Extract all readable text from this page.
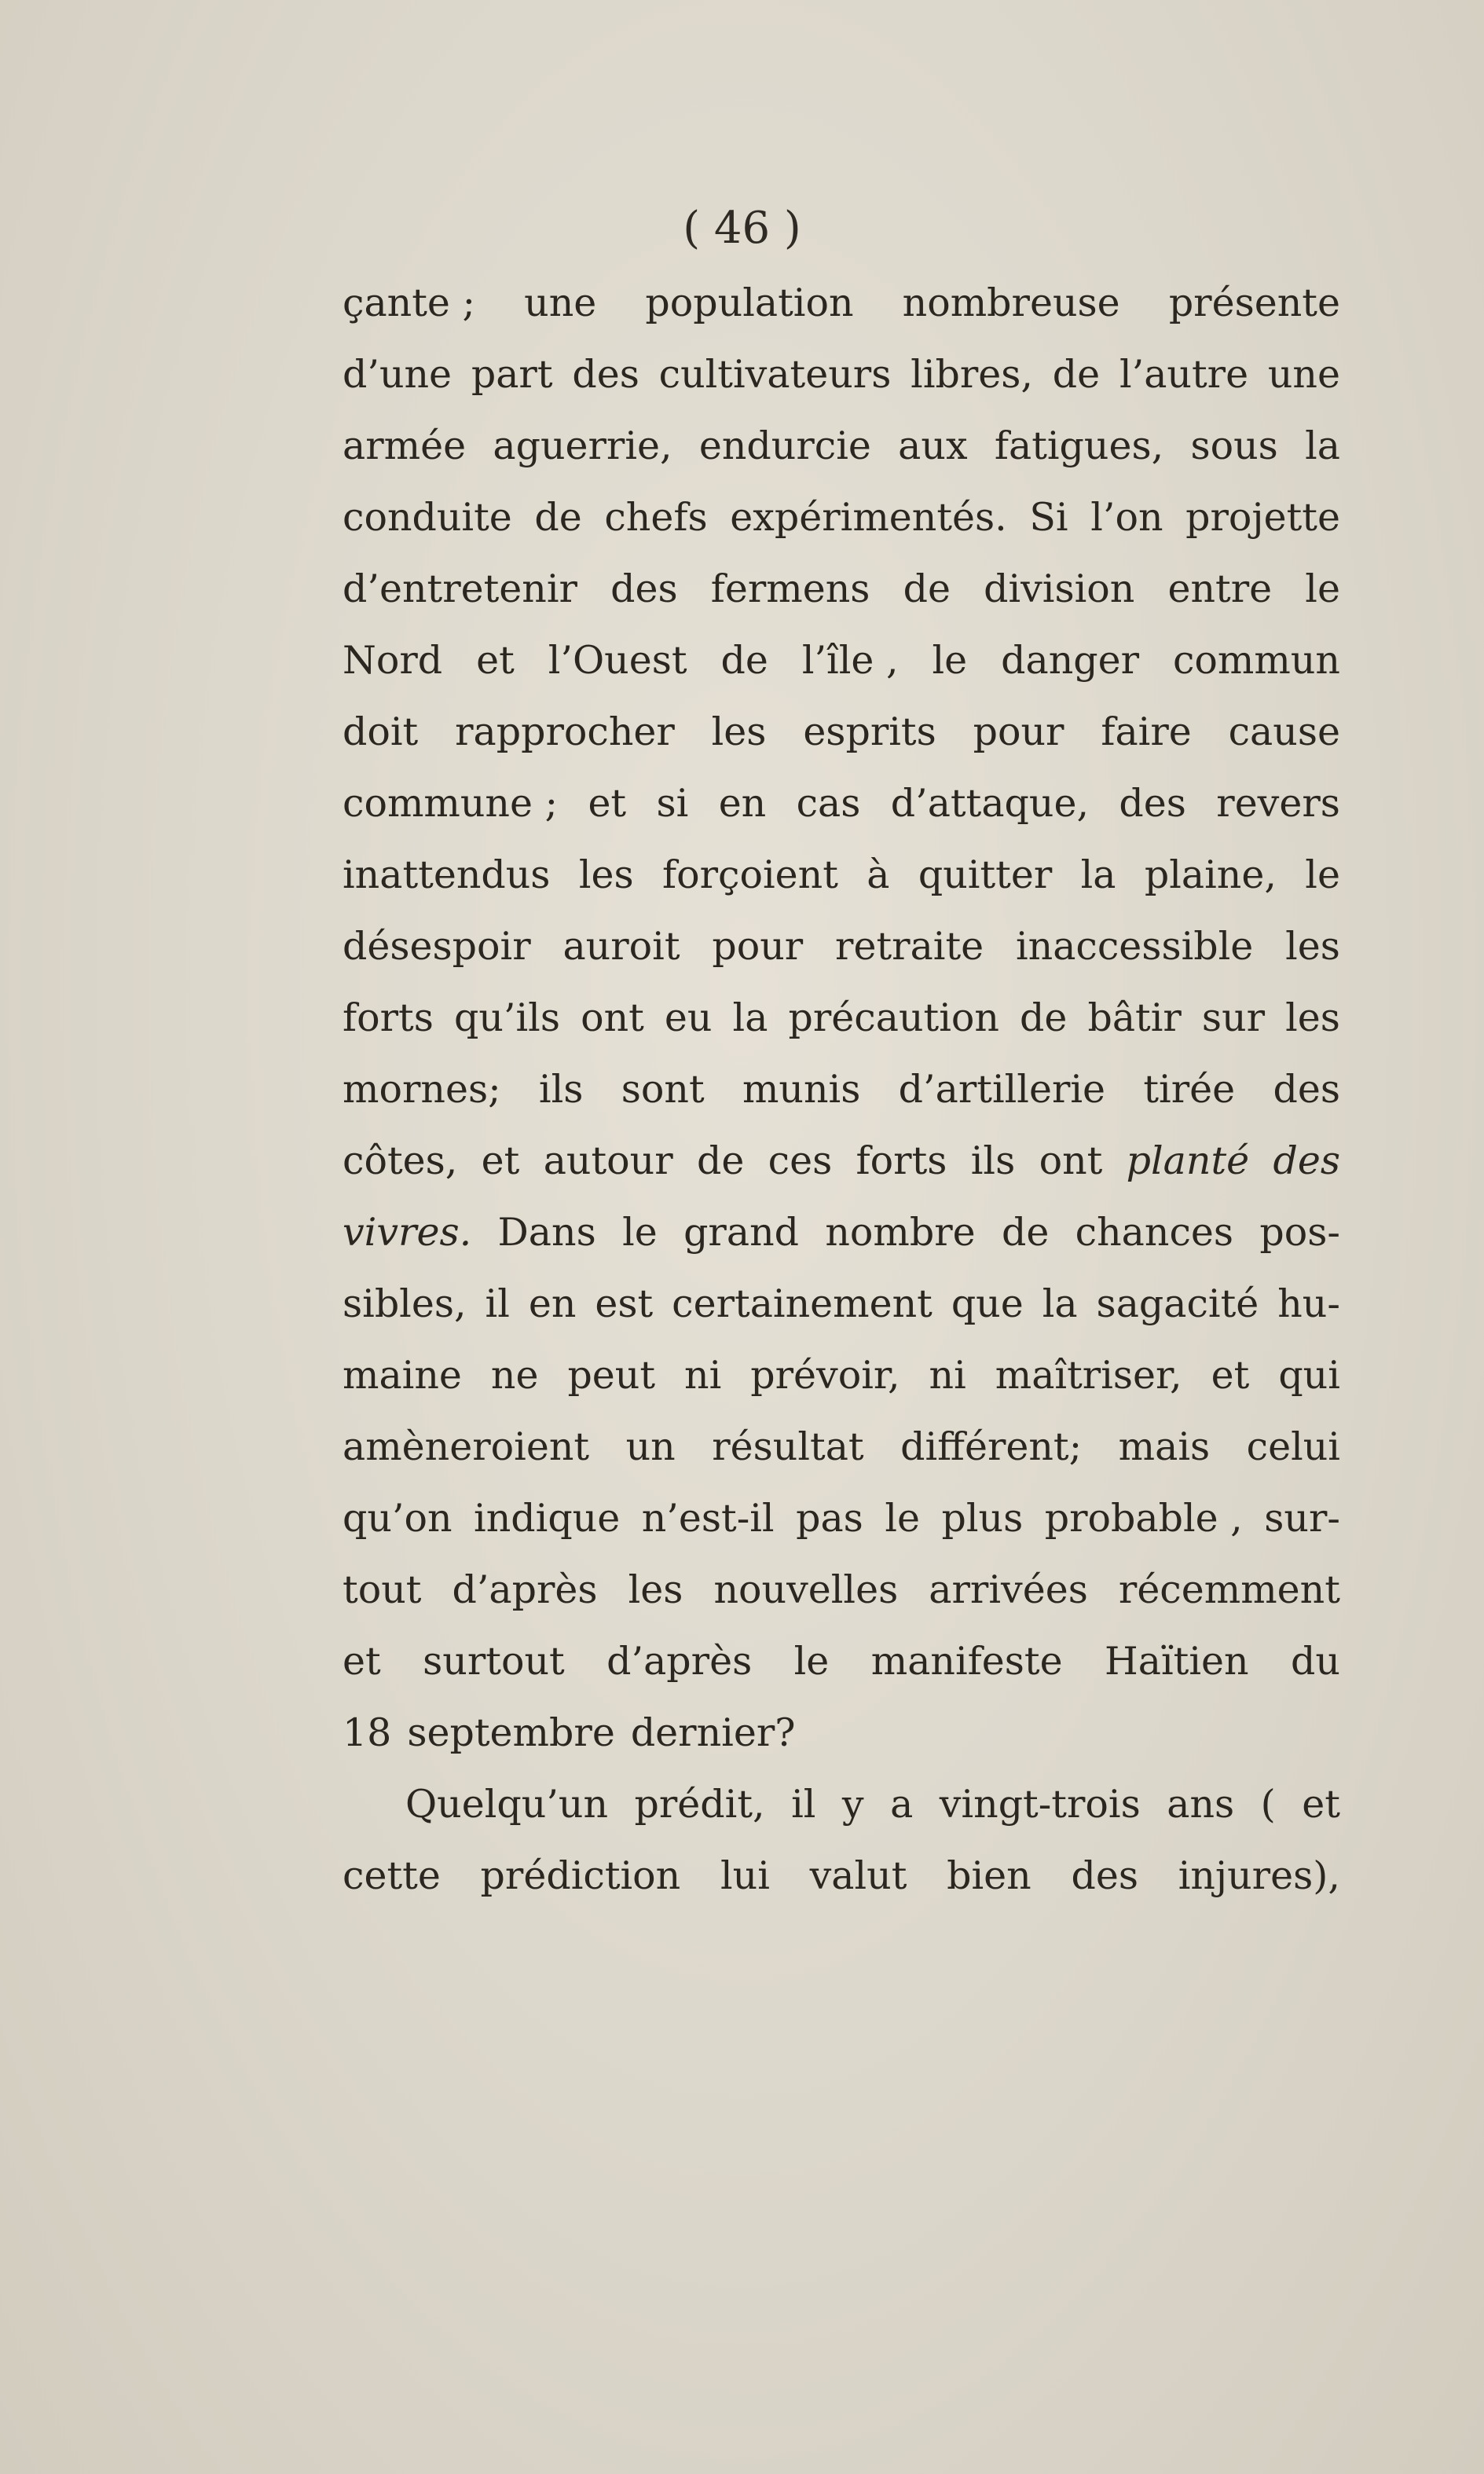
( 46 )
çante ; une population nombreuse présente
d’une part des cultivateurs libres, de l’autre une
armée aguerrie, endurcie aux fatigues, sous la
conduite de chefs expérimentés. Si l’on projette
d’entretenir des fermens de division entre le
Nord et l’Ouest de l’île , le danger commun
doit rapprocher les esprits pour faire cause
commune ; et si en cas d’attaque, des revers
inattendus les forçoient à quitter la plaine, le
désespoir auroit pour retraite inaccessible les
forts qu’ils ont eu la précaution de bâtir sur les
mornes; ils sont munis d’artillerie tirée des
côtes, et autour de ces forts ils ont planté des
vivres. Dans le grand nombre de chances pos-
sibles, il en est certainement que la sagacité hu-
maine ne peut ni prévoir, ni maîtriser, et qui
amèneroient un résultat différent; mais celui
qu’on indique n’est-il pas le plus probable , sur-
tout d’après les nouvelles arrivées récemment
et surtout d’après le manifeste Haïtien du
18 septembre dernier?
Quelqu’un prédit, il y a vingt-trois ans ( et
cette prédiction lui valut bien des injures),
